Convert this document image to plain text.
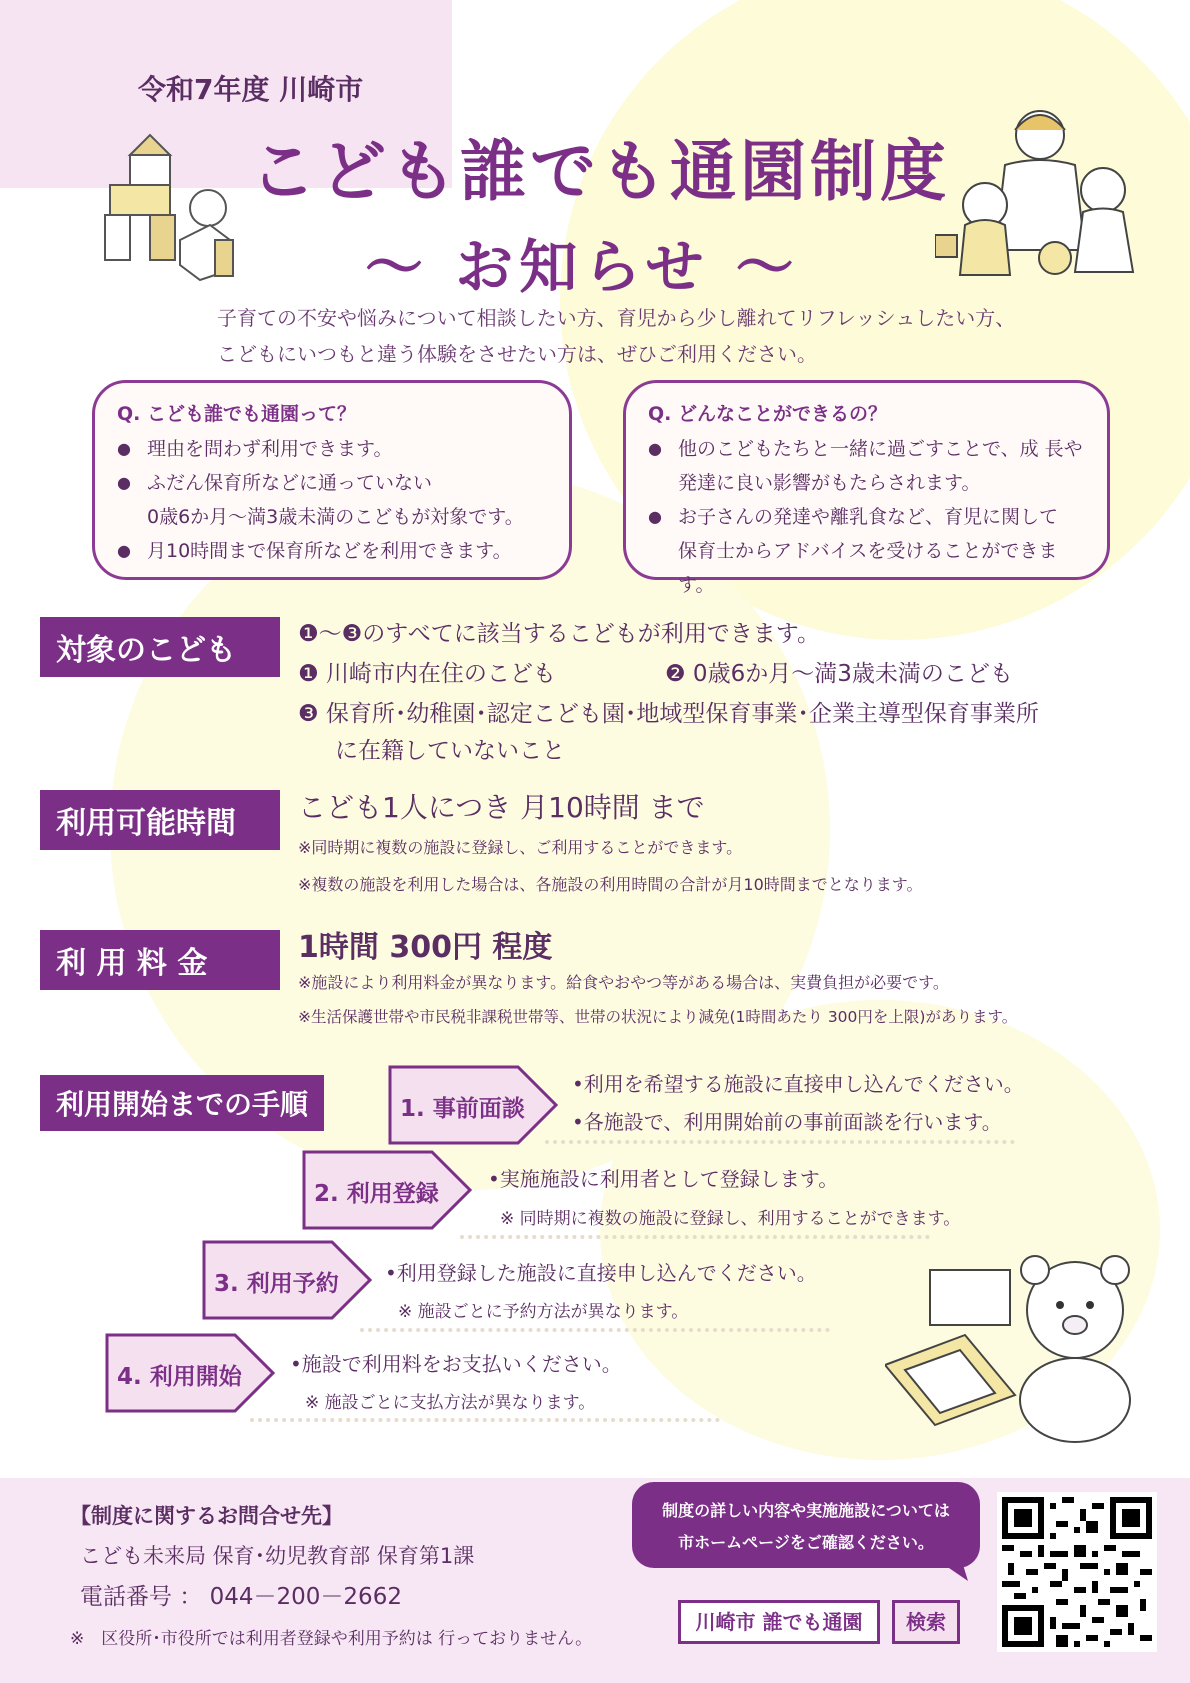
令和7年度 川崎市
こども誰でも通園制度
～ お知らせ ～
子育ての不安や悩みについて相談したい方、育児から少し離れてリフレッシュしたい方、
こどもにいつもと違う体験をさせたい方は、ぜひご利用ください。
Q. こども誰でも通園って？
● 理由を問わず利用できます。
● ふだん保育所などに通っていない
0歳6か月～満3歳未満のこどもが対象です。
● 月10時間まで保育所などを利用できます。
Q. どんなことができるの？
● 他のこどもたちと一緒に過ごすことで、成 長や
発達に良い影響がもたらされます。
● お子さんの発達や離乳食など、育児に関して
保育士からアドバイスを受けることができます。
対象のこども	❶～❸のすべてに該当するこどもが利用できます。
❶ 川崎市内在住のこども	❷ 0歳6か月～満3歳未満のこども
❸ 保育所･幼稚園･認定こども園･地域型保育事業･企業主導型保育事業所
に在籍していないこと
利用可能時間	こども1人につき 月10時間 まで
※同時期に複数の施設に登録し、ご利用することができます。
※複数の施設を利用した場合は、各施設の利用時間の合計が月10時間までとなります。
利 用 料 金	1時間 300円 程度
※施設により利用料金が異なります。給食やおやつ等がある場合は、実費負担が必要です。
※生活保護世帯や市民税非課税世帯等、世帯の状況により減免(1時間あたり 300円を上限)があります。
利用開始までの手順	1. 事前面談
•利用を希望する施設に直接申し込んでください。
•各施設で、利用開始前の事前面談を行います。
2. 利用登録
•実施施設に利用者として登録します。
※ 同時期に複数の施設に登録し、利用することができます。
3. 利用予約 •利用登録した施設に直接申し込んでください。
※ 施設ごとに予約方法が異なります。
4. 利用開始 •施設で利用料をお支払いください。
※ 施設ごとに支払方法が異なります。
【制度に関するお問合せ先】
こども未来局 保育･幼児教育部 保育第1課
電話番号 ： 044－200－2662
※　区役所･市役所では利用者登録や利用予約は 行っておりません。
制度の詳しい内容や実施施設については
市ホームページをご確認ください。
川崎市 誰でも通園	検索
